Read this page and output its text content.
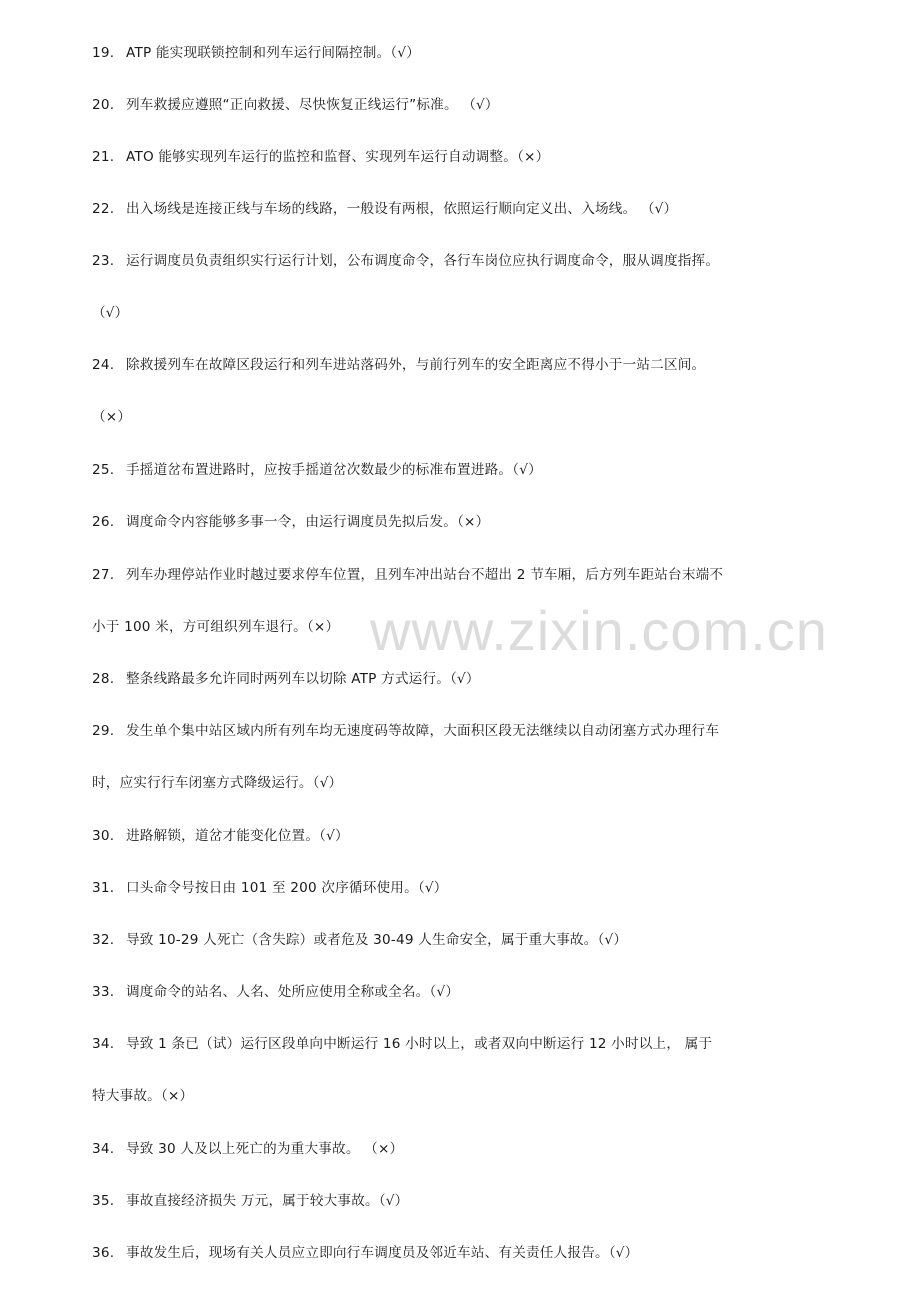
www.zixin.com.cn
19. ATP 能实现联锁控制和列车运行间隔控制。（√）
20. 列车救援应遵照“正向救援、尽快恢复正线运行”标准。 （√）
21. ATO 能够实现列车运行的监控和监督、实现列车运行自动调整。（×）
22. 出入场线是连接正线与车场的线路，一般设有两根，依照运行顺向定义出、入场线。 （√）
23. 运行调度员负责组织实行运行计划，公布调度命令，各行车岗位应执行调度命令，服从调度指挥。
（√）
24. 除救援列车在故障区段运行和列车进站落码外，与前行列车的安全距离应不得小于一站二区间。
（×）
25. 手摇道岔布置进路时，应按手摇道岔次数最少的标准布置进路。（√）
26. 调度命令内容能够多事一令，由运行调度员先拟后发。（×）
27. 列车办理停站作业时越过要求停车位置，且列车冲出站台不超出 2 节车厢，后方列车距站台末端不
小于 100 米，方可组织列车退行。（×）
28. 整条线路最多允许同时两列车以切除 ATP 方式运行。（√）
29. 发生单个集中站区域内所有列车均无速度码等故障，大面积区段无法继续以自动闭塞方式办理行车
时，应实行行车闭塞方式降级运行。（√）
30. 进路解锁，道岔才能变化位置。（√）
31. 口头命令号按日由 101 至 200 次序循环使用。（√）
32. 导致 10-29 人死亡（含失踪）或者危及 30-49 人生命安全，属于重大事故。（√）
33. 调度命令的站名、人名、处所应使用全称或全名。（√）
34. 导致 1 条已（试）运行区段单向中断运行 16 小时以上，或者双向中断运行 12 小时以上， 属于
特大事故。（×）
34. 导致 30 人及以上死亡的为重大事故。 （×）
35. 事故直接经济损失 万元，属于较大事故。（√）
36. 事故发生后，现场有关人员应立即向行车调度员及邻近车站、有关责任人报告。（√）
